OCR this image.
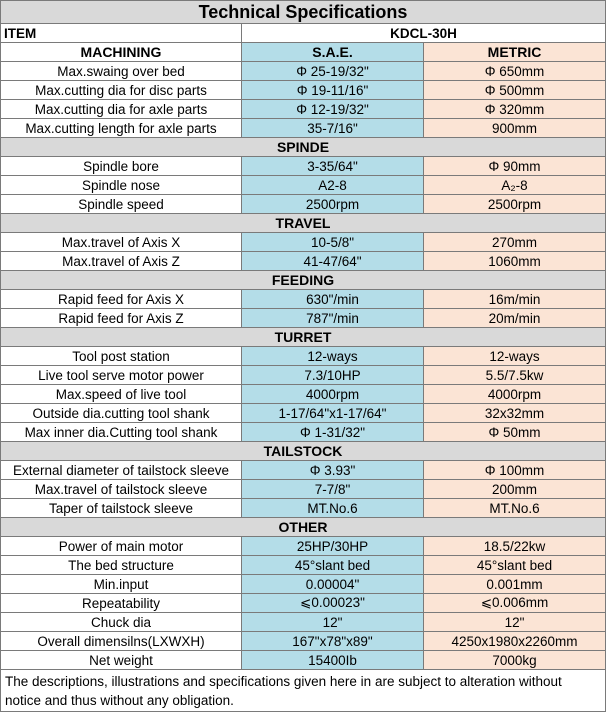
Technical Specifications
ITEM	KDCL-30H
MACHINING	S.A.E.	METRIC
Max.swaing over bed	Φ 25-19/32"	Φ 650mm
Max.cutting dia for disc parts	Φ 19-11/16"	Φ 500mm
Max.cutting dia for axle parts	Φ 12-19/32"	Φ 320mm
Max.cutting length for axle parts	35-7/16"	900mm
SPINDE
Spindle bore	3-35/64"	Φ 90mm
Spindle nose	A2-8	A₂-8
Spindle speed	2500rpm	2500rpm
TRAVEL
Max.travel of Axis X	10-5/8"	270mm
Max.travel of Axis Z	41-47/64"	1060mm
FEEDING
Rapid feed for Axis X	630"/min	16m/min
Rapid feed for Axis Z	787"/min	20m/min
TURRET
Tool post station	12-ways	12-ways
Live tool serve motor power	7.3/10HP	5.5/7.5kw
Max.speed of live tool	4000rpm	4000rpm
Outside dia.cutting tool shank	1-17/64"x1-17/64"	32x32mm
Max inner dia.Cutting tool shank	Φ 1-31/32"	Φ 50mm
TAILSTOCK
External diameter of tailstock sleeve	Φ 3.93"	Φ 100mm
Max.travel of tailstock sleeve	7-7/8"	200mm
Taper of tailstock sleeve	MT.No.6	MT.No.6
OTHER
Power of main motor	25HP/30HP	18.5/22kw
The bed structure	45°slant bed	45°slant bed
Min.input	0.00004"	0.001mm
Repeatability	⩽0.00023"	⩽0.006mm
Chuck dia	12"	12"
Overall dimensilns(LXWXH)	167"x78"x89"	4250x1980x2260mm
Net weight	15400Ib	7000kg
The descriptions, illustrations and specifications given here in are subject to alteration without notice and thus without any obligation.
